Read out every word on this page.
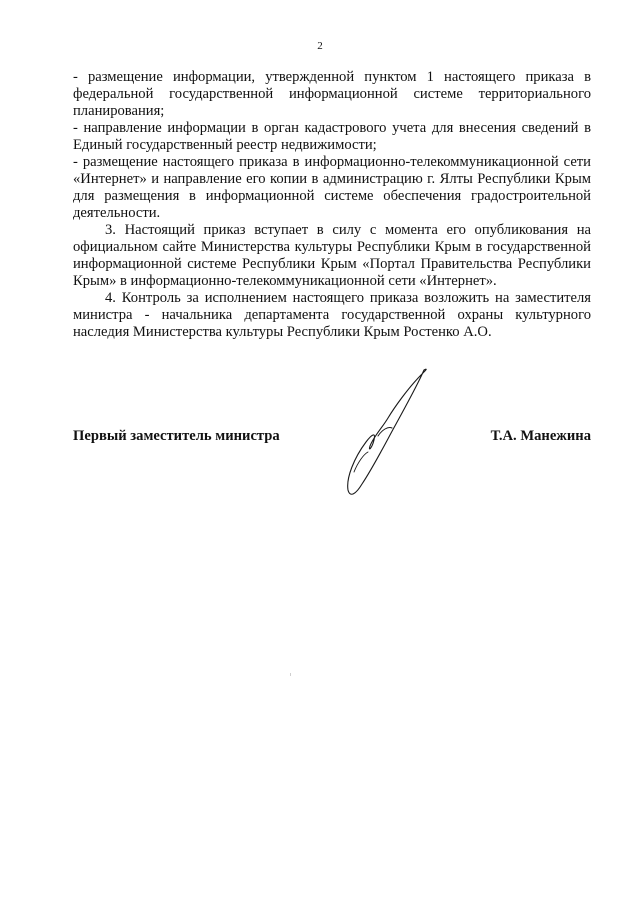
2

- размещение информации, утвержденной пунктом 1 настоящего приказа в федеральной государственной информационной системе территориального планирования;

- направление информации в орган кадастрового учета для внесения сведений в Единый государственный реестр недвижимости;

- размещение настоящего приказа в информационно-телекоммуникационной сети «Интернет» и направление его копии в администрацию г. Ялты Республики Крым для размещения в информационной системе обеспечения градостроительной деятельности.

3. Настоящий приказ вступает в силу с момента его опубликования на официальном сайте Министерства культуры Республики Крым в государственной информационной системе Республики Крым «Портал Правительства Республики Крым» в информационно-телекоммуникационной сети «Интернет».

4. Контроль за исполнением настоящего приказа возложить на заместителя министра - начальника департамента государственной охраны культурного наследия Министерства культуры Республики Крым Ростенко А.О.

Первый заместитель министра	Т.А. Манежина
